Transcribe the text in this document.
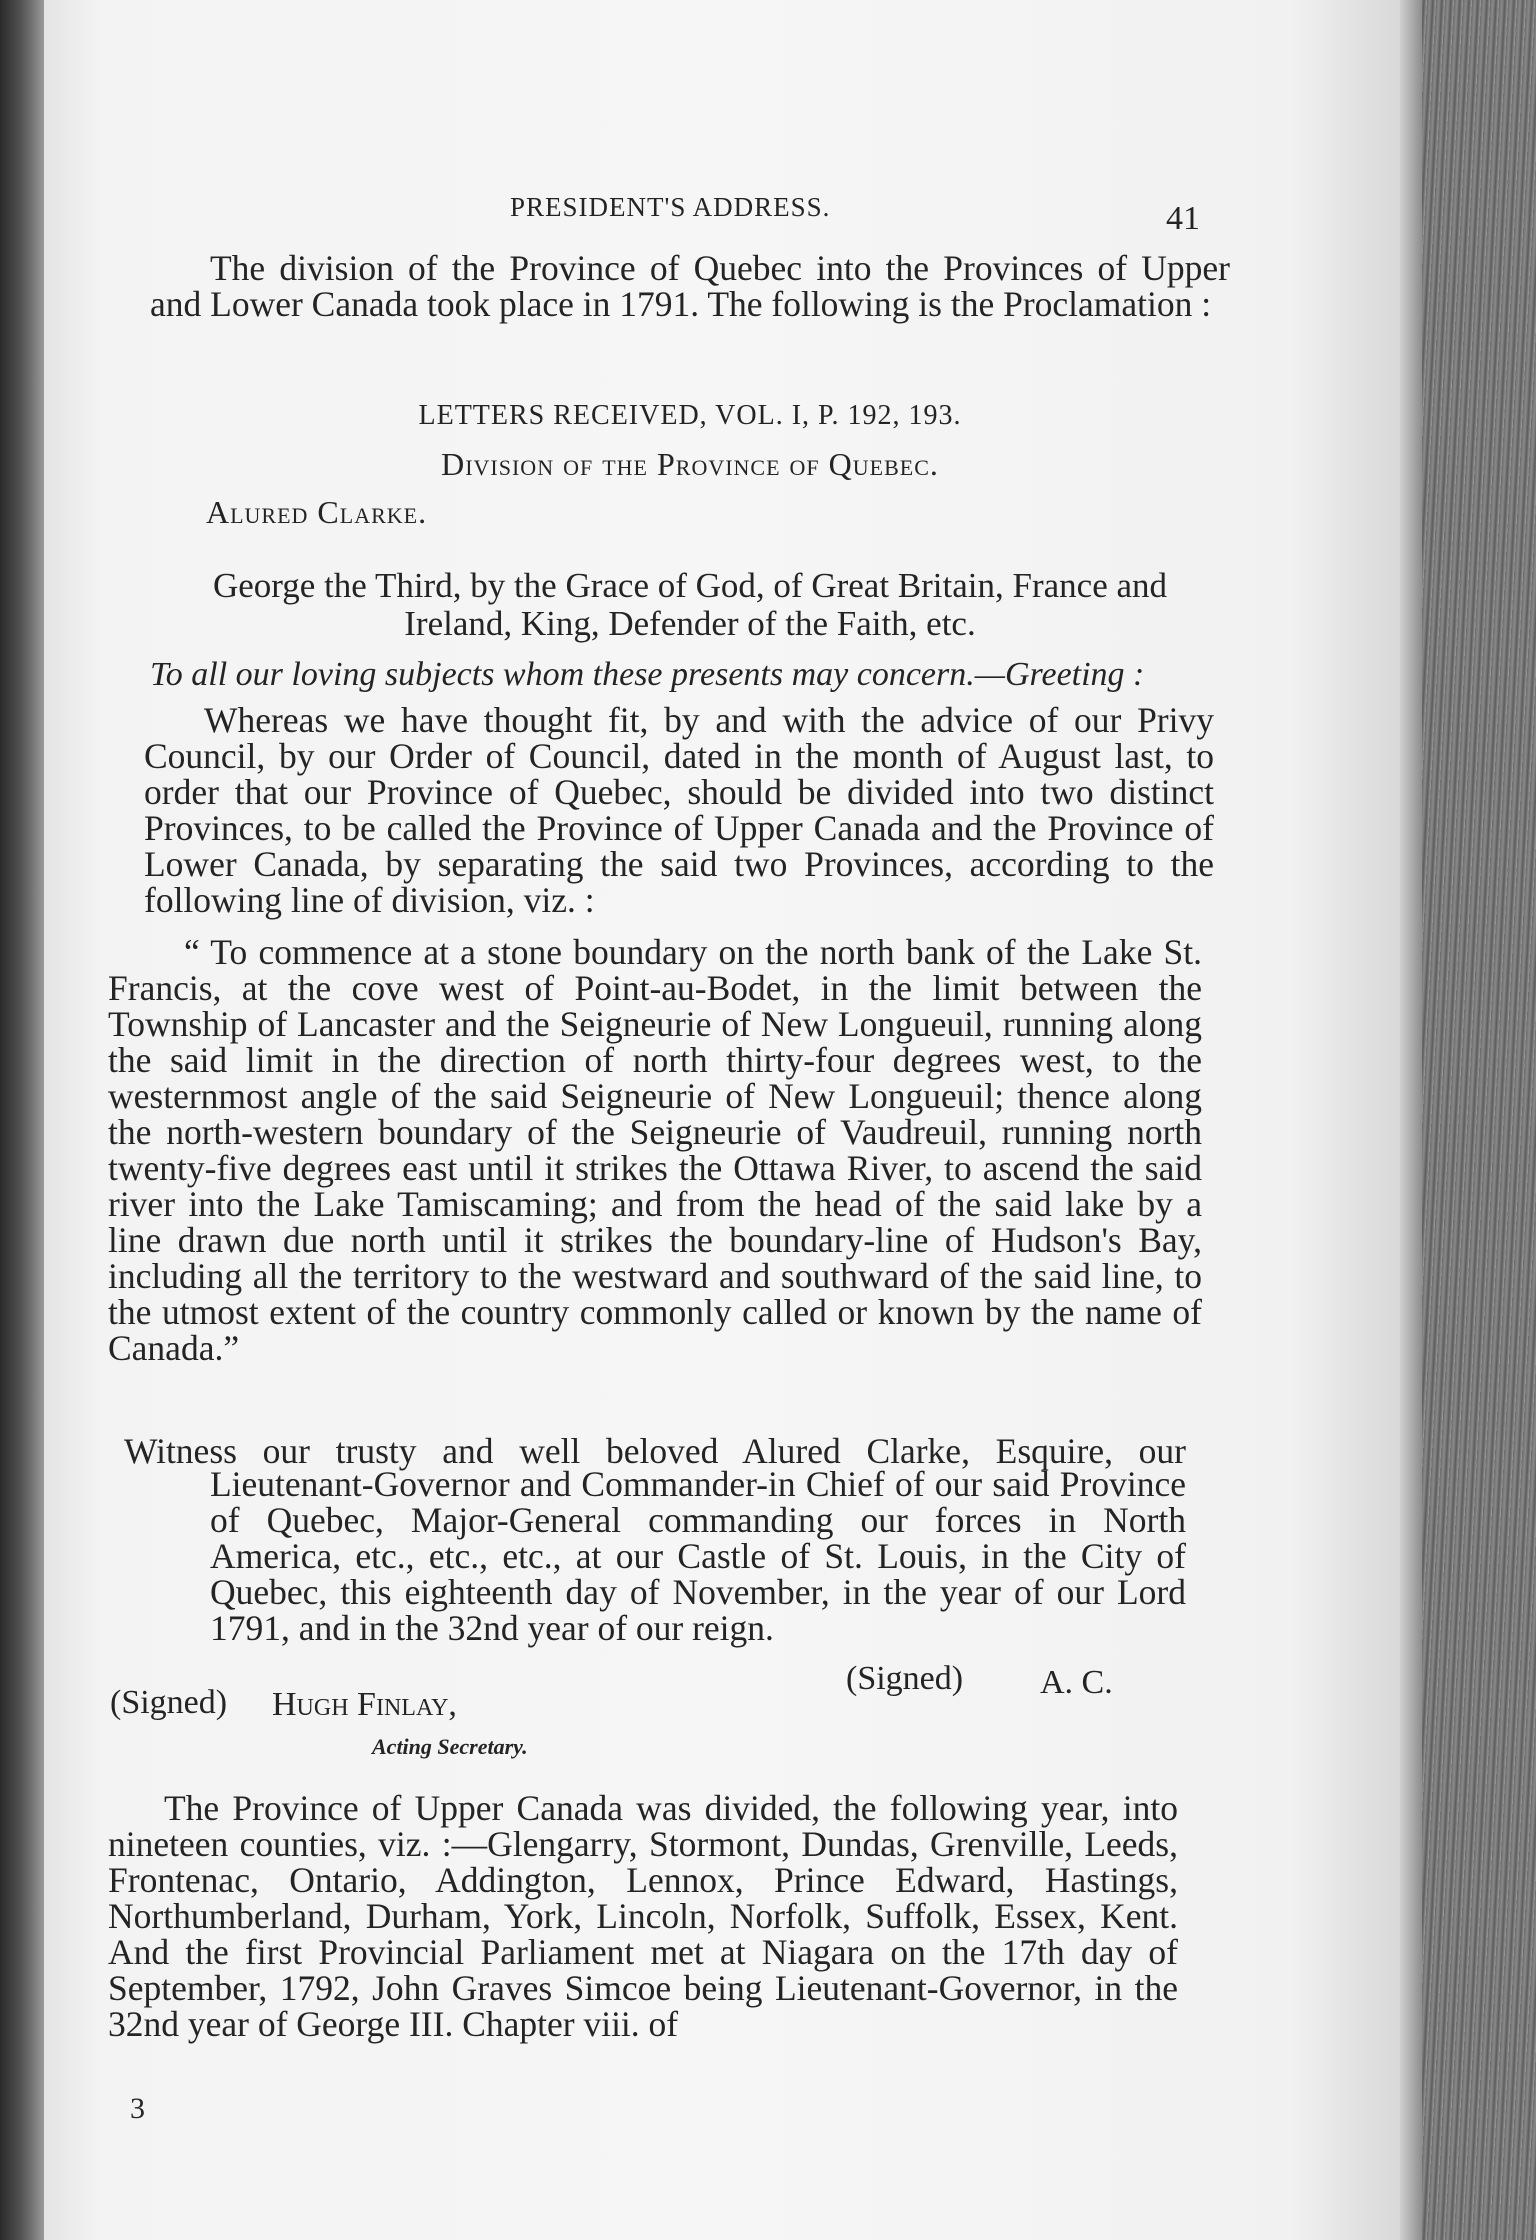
PRESIDENT'S ADDRESS.	41

The division of the Province of Quebec into the Provinces of Upper and Lower Canada took place in 1791. The following is the Proclamation :

LETTERS RECEIVED, VOL. I, P. 192, 193.
Division of the Province of Quebec.
Alured Clarke.
George the Third, by the Grace of God, of Great Britain, France and
Ireland, King, Defender of the Faith, etc.
To all our loving subjects whom these presents may concern.—Greeting :

Whereas we have thought fit, by and with the advice of our Privy Council, by our Order of Council, dated in the month of August last, to order that our Province of Quebec, should be divided into two distinct Provinces, to be called the Province of Upper Canada and the Province of Lower Canada, by separating the said two Provinces, according to the following line of division, viz. :

“ To commence at a stone boundary on the north bank of the Lake St. Francis, at the cove west of Point-au-Bodet, in the limit between the Township of Lancaster and the Seigneurie of New Longueuil, running along the said limit in the direction of north thirty-four degrees west, to the westernmost angle of the said Seigneurie of New Longueuil; thence along the north-western boundary of the Seigneurie of Vaudreuil, running north twenty-five degrees east until it strikes the Ottawa River, to ascend the said river into the Lake Tamiscaming; and from the head of the said lake by a line drawn due north until it strikes the boundary-line of Hudson's Bay, including all the territory to the westward and southward of the said line, to the utmost extent of the country commonly called or known by the name of Canada.”

Witness our trusty and well beloved Alured Clarke, Esquire, our

Lieutenant-Governor and Commander-in Chief of our said Province of Quebec, Major-General commanding our forces in North America, etc., etc., etc., at our Castle of St. Louis, in the City of Quebec, this eighteenth day of November, in the year of our Lord 1791, and in the 32nd year of our reign.

(Signed) A. C.
(Signed) Hugh Finlay,
Acting Secretary.

The Province of Upper Canada was divided, the following year, into nineteen counties, viz. :—Glengarry, Stormont, Dundas, Grenville, Leeds, Frontenac, Ontario, Addington, Lennox, Prince Edward, Hastings, Northumberland, Durham, York, Lincoln, Norfolk, Suffolk, Essex, Kent. And the first Provincial Parliament met at Niagara on the 17th day of September, 1792, John Graves Simcoe being Lieutenant-Governor, in the 32nd year of George III. Chapter viii. of

3
